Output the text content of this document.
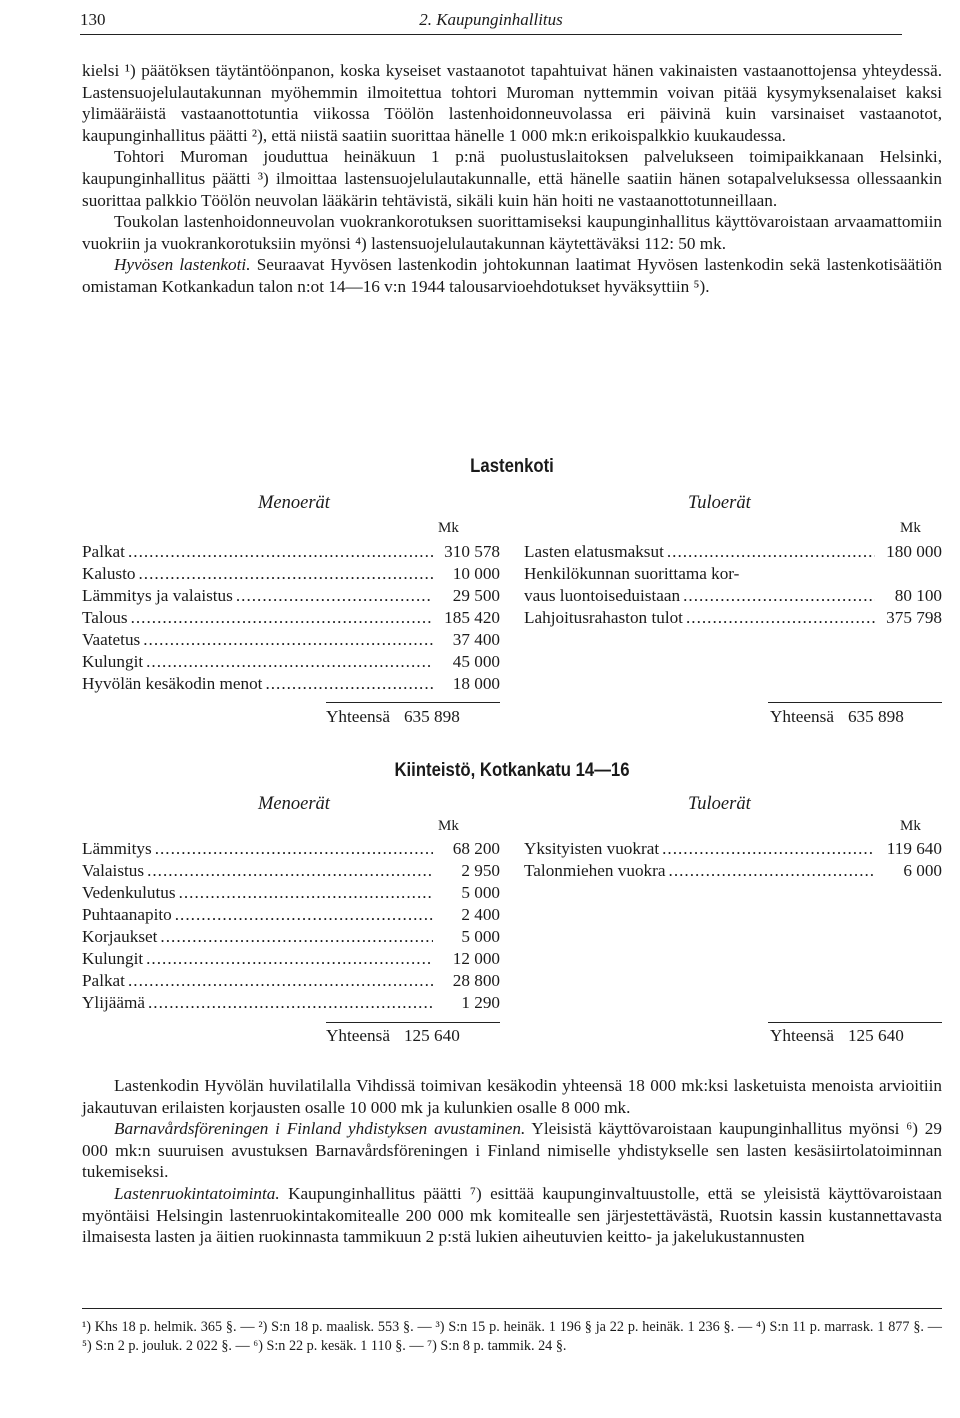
130	2. Kaupunginhallitus

kielsi ¹) päätöksen täytäntöönpanon, koska kyseiset vastaanotot tapahtuivat hänen vakinaisten vastaanottojensa yhteydessä. Lastensuojelulautakunnan myöhemmin ilmoitettua tohtori Muroman nyttemmin voivan pitää kysymyksenalaiset kaksi ylimääräistä vastaanottotuntia viikossa Töölön lastenhoidonneuvolassa eri päivinä kuin varsinaiset vastaanotot, kaupunginhallitus päätti ²), että niistä saatiin suorittaa hänelle 1 000 mk:n erikoispalkkio kuukaudessa.

Tohtori Muroman jouduttua heinäkuun 1 p:nä puolustuslaitoksen palvelukseen toimipaikkanaan Helsinki, kaupunginhallitus päätti ³) ilmoittaa lastensuojelulautakunnalle, että hänelle saatiin hänen sotapalveluksessa ollessaankin suorittaa palkkio Töölön neuvolan lääkärin tehtävistä, sikäli kuin hän hoiti ne vastaanottotunneillaan.

Toukolan lastenhoidonneuvolan vuokrankorotuksen suorittamiseksi kaupunginhallitus käyttövaroistaan arvaamattomiin vuokriin ja vuokrankorotuksiin myönsi ⁴) lastensuojelulautakunnan käytettäväksi 112: 50 mk.

Hyvösen lastenkoti. Seuraavat Hyvösen lastenkodin johtokunnan laatimat Hyvösen lastenkodin sekä lastenkotisäätiön omistaman Kotkankadun talon n:ot 14—16 v:n 1944 talousarvioehdotukset hyväksyttiin ⁵).

Lastenkoti
Menoerät	Tuloerät
Mk	Mk
Palkat .....	310 578
Kalusto .....	10 000
Lämmitys ja valaistus .....	29 500
Talous .....	185 420
Vaatetus .....	37 400
Kulungit .....	45 000
Hyvölän kesäkodin menot .....	18 000
Lasten elatusmaksut .....	180 000
Henkilökunnan suorittama kor-
vaus luontoiseduistaan .....	80 100
Lahjoitusrahaston tulot .....	375 798
Yhteensä 635 898	Yhteensä 635 898
Kiinteistö, Kotkankatu 14—16
Menoerät	Tuloerät
Mk	Mk
Lämmitys .....	68 200
Valaistus .....	2 950
Vedenkulutus .....	5 000
Puhtaanapito .....	2 400
Korjaukset .....	5 000
Kulungit .....	12 000
Palkat .....	28 800
Ylijäämä .....	1 290
Yksityisten vuokrat .....	119 640
Talonmiehen vuokra .....	6 000
Yhteensä 125 640	Yhteensä 125 640

Lastenkodin Hyvölän huvilatilalla Vihdissä toimivan kesäkodin yhteensä 18 000 mk:ksi lasketuista menoista arvioitiin jakautuvan erilaisten korjausten osalle 10 000 mk ja kulunkien osalle 8 000 mk.

Barnavårdsföreningen i Finland yhdistyksen avustaminen. Yleisistä käyttövaroistaan kaupunginhallitus myönsi ⁶) 29 000 mk:n suuruisen avustuksen Barnavårdsföreningen i Finland nimiselle yhdistykselle sen lasten kesäsiirtolatoiminnan tukemiseksi.

Lastenruokintatoiminta. Kaupunginhallitus päätti ⁷) esittää kaupunginvaltuustolle, että se yleisistä käyttövaroistaan myöntäisi Helsingin lastenruokintakomitealle 200 000 mk komitealle sen järjestettävästä, Ruotsin kassin kustannettavasta ilmaisesta lasten ja äitien ruokinnasta tammikuun 2 p:stä lukien aiheutuvien keitto- ja jakelukustannusten

¹) Khs 18 p. helmik. 365 §. — ²) S:n 18 p. maalisk. 553 §. — ³) S:n 15 p. heinäk. 1 196 § ja 22 p. heinäk. 1 236 §. — ⁴) S:n 11 p. marrask. 1 877 §. — ⁵) S:n 2 p. jouluk. 2 022 §. — ⁶) S:n 22 p. kesäk. 1 110 §. — ⁷) S:n 8 p. tammik. 24 §.
